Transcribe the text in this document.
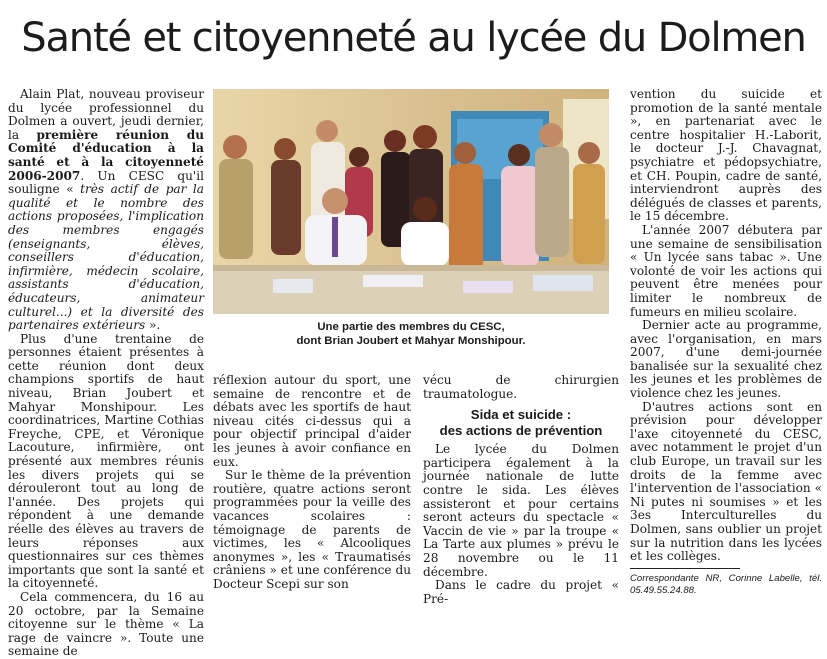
Santé et citoyenneté au lycée du Dolmen

Alain Plat, nouveau proviseur du lycée professionnel du Dolmen a ouvert, jeudi dernier, la première réunion du Comité d'éducation à la santé et à la citoyenneté 2006-2007. Un CESC qu'il souligne « très actif de par la qualité et le nombre des actions proposées, l'implication des membres engagés (enseignants, élèves, conseillers d'éducation, infirmière, médecin scolaire, assistants d'éducation, éducateurs, animateur culturel...) et la diversité des partenaires extérieurs ».

Plus d'une trentaine de personnes étaient présentes à cette réunion dont deux champions sportifs de haut niveau, Brian Joubert et Mahyar Monshipour. Les coordinatrices, Martine Cothias Freyche, CPE, et Véronique Lacouture, infirmière, ont présenté aux membres réunis les divers projets qui se dérouleront tout au long de l'année. Des projets qui répondent à une demande réelle des élèves au travers de leurs réponses aux questionnaires sur ces thèmes importants que sont la santé et la citoyenneté.

Cela commencera, du 16 au 20 octobre, par la Semaine citoyenne sur le thème « La rage de vaincre ». Toute une semaine de

Une partie des membres du CESC,
dont Brian Joubert et Mahyar Monshipour.

réflexion autour du sport, une semaine de rencontre et de débats avec les sportifs de haut niveau cités ci-dessus qui a pour objectif principal d'aider les jeunes à avoir confiance en eux.

Sur le thème de la prévention routière, quatre actions seront programmées pour la veille des vacances scolaires : témoignage de parents de victimes, les « Alcooliques anonymes », les « Traumatisés crâniens » et une conférence du Docteur Scepi sur son

vécu de chirurgien traumatologue.

Sida et suicide :
des actions de prévention

Le lycée du Dolmen participera également à la journée nationale de lutte contre le sida. Les élèves assisteront et pour certains seront acteurs du spectacle « Vaccin de vie » par la troupe « La Tarte aux plumes » prévu le 28 novembre ou le 11 décembre.

Dans le cadre du projet « Pré-

vention du suicide et promotion de la santé mentale », en partenariat avec le centre hospitalier H.-Laborit, le docteur J.-J. Chavagnat, psychiatre et pédopsychiatre, et CH. Poupin, cadre de santé, interviendront auprès des délégués de classes et parents, le 15 décembre.

L'année 2007 débutera par une semaine de sensibilisation « Un lycée sans tabac ». Une volonté de voir les actions qui peuvent être menées pour limiter le nombreux de fumeurs en milieu scolaire.

Dernier acte au programme, avec l'organisation, en mars 2007, d'une demi-journée banalisée sur la sexualité chez les jeunes et les problèmes de violence chez les jeunes.

D'autres actions sont en prévision pour développer l'axe citoyenneté du CESC, avec notamment le projet d'un club Europe, un travail sur les droits de la femme avec l'intervention de l'association « Ni putes ni soumises » et les 3es Interculturelles du Dolmen, sans oublier un projet sur la nutrition dans les lycées et les collèges.

Correspondante NR, Corinne Labelle, tél. 05.49.55.24.88.
